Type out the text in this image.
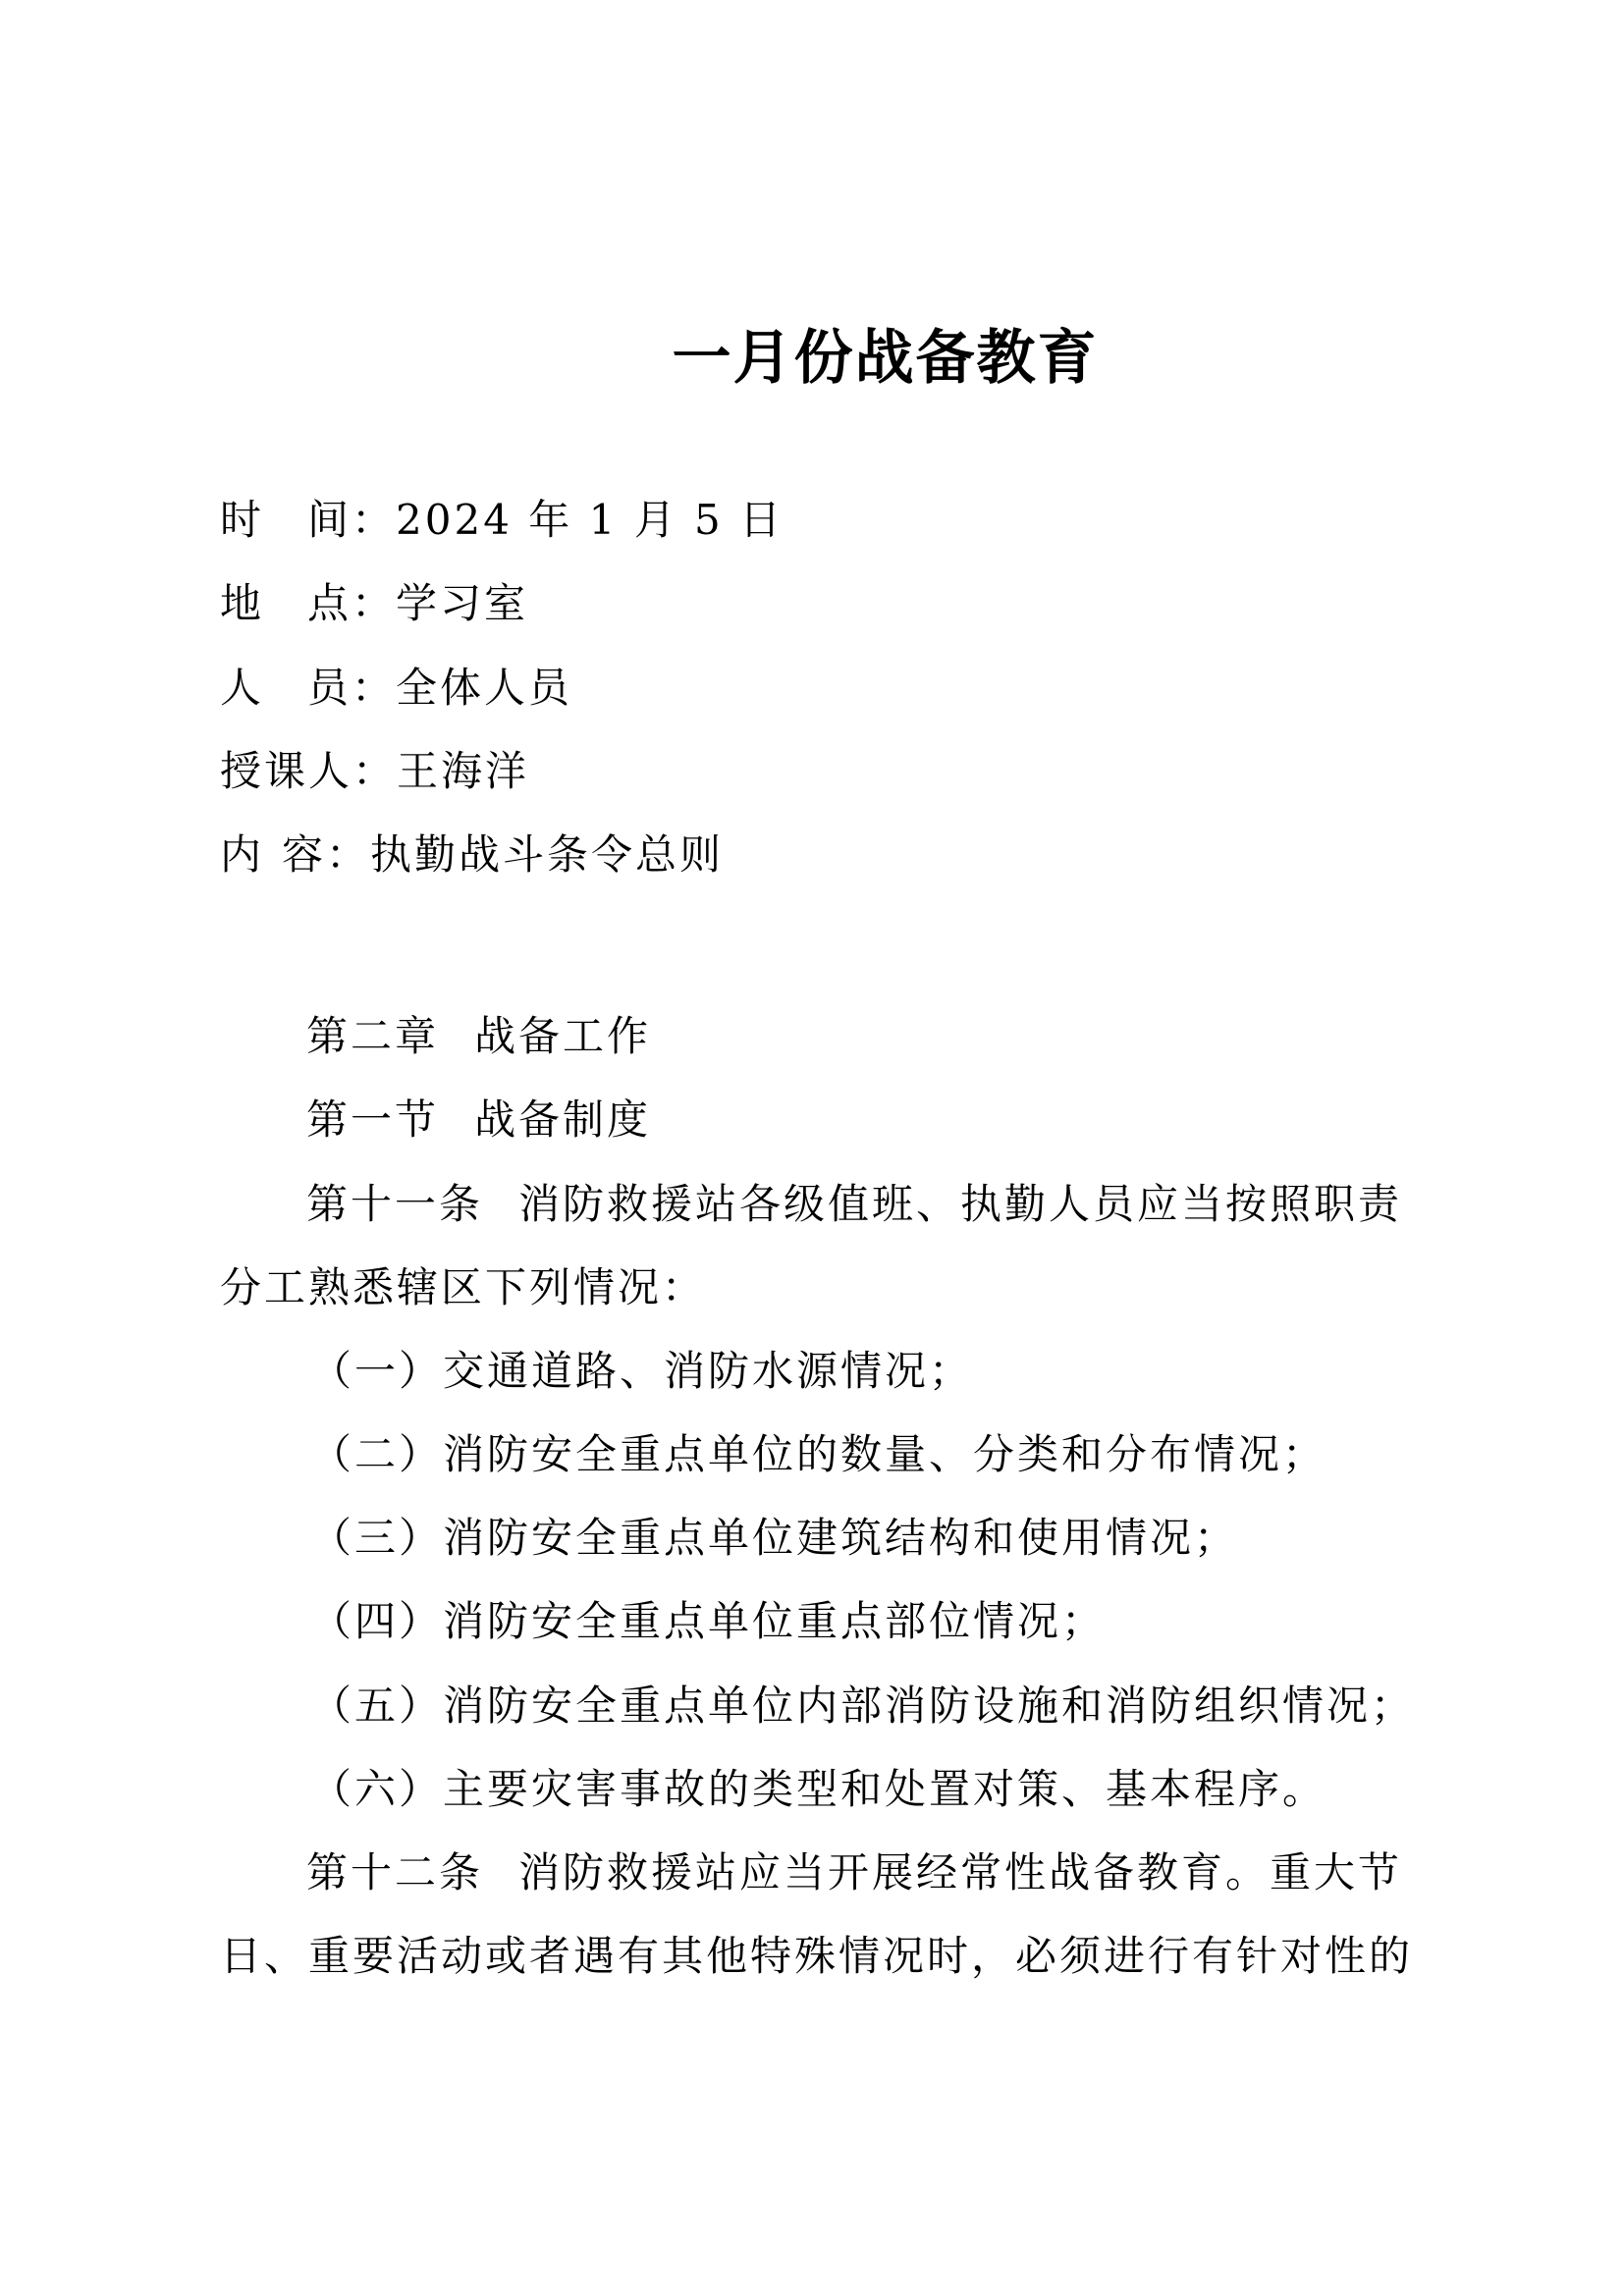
一月份战备教育
时 间：2024 年 1 月 5 日
地 点：学习室
人 员：全体人员
授课人：王海洋
内 容：执勤战斗条令总则
第二章 战备工作
第一节 战备制度
第十一条 消防救援站各级值班、执勤人员应当按照职责
分工熟悉辖区下列情况：
（一）交通道路、消防水源情况；
（二）消防安全重点单位的数量、分类和分布情况；
（三）消防安全重点单位建筑结构和使用情况；
（四）消防安全重点单位重点部位情况；
（五）消防安全重点单位内部消防设施和消防组织情况；
（六）主要灾害事故的类型和处置对策、基本程序。
第十二条 消防救援站应当开展经常性战备教育。重大节
日、重要活动或者遇有其他特殊情况时，必须进行有针对性的
